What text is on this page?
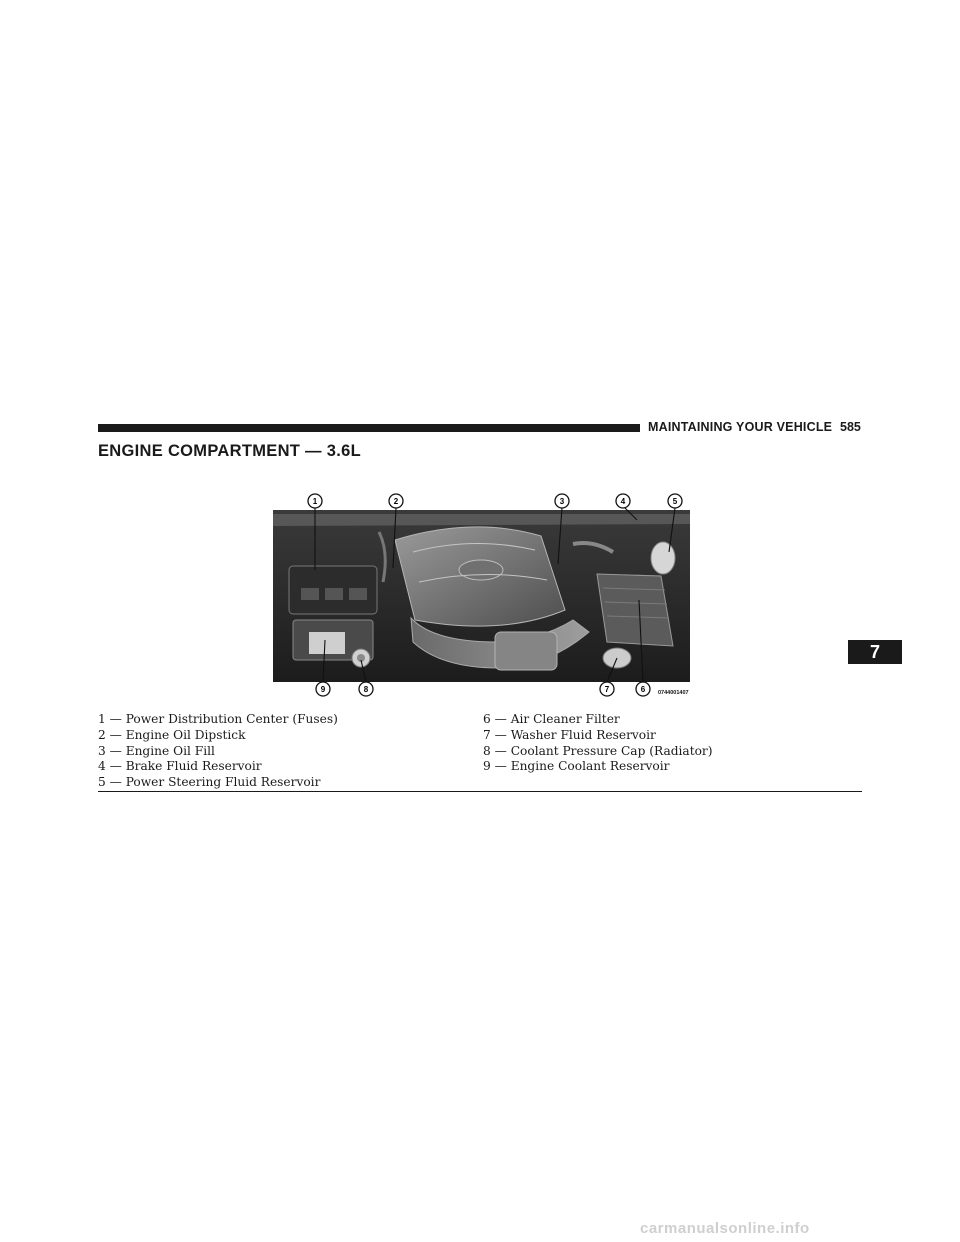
MAINTAINING YOUR VEHICLE 585
ENGINE COMPARTMENT — 3.6L
1	2	3	4	5
6
7
8
9	0744001407
1 — Power Distribution Center (Fuses)
2 — Engine Oil Dipstick
3 — Engine Oil Fill
4 — Brake Fluid Reservoir
5 — Power Steering Fluid Reservoir
6 — Air Cleaner Filter
7 — Washer Fluid Reservoir
8 — Coolant Pressure Cap (Radiator)
9 — Engine Coolant Reservoir
7
carmanualsonline.info
